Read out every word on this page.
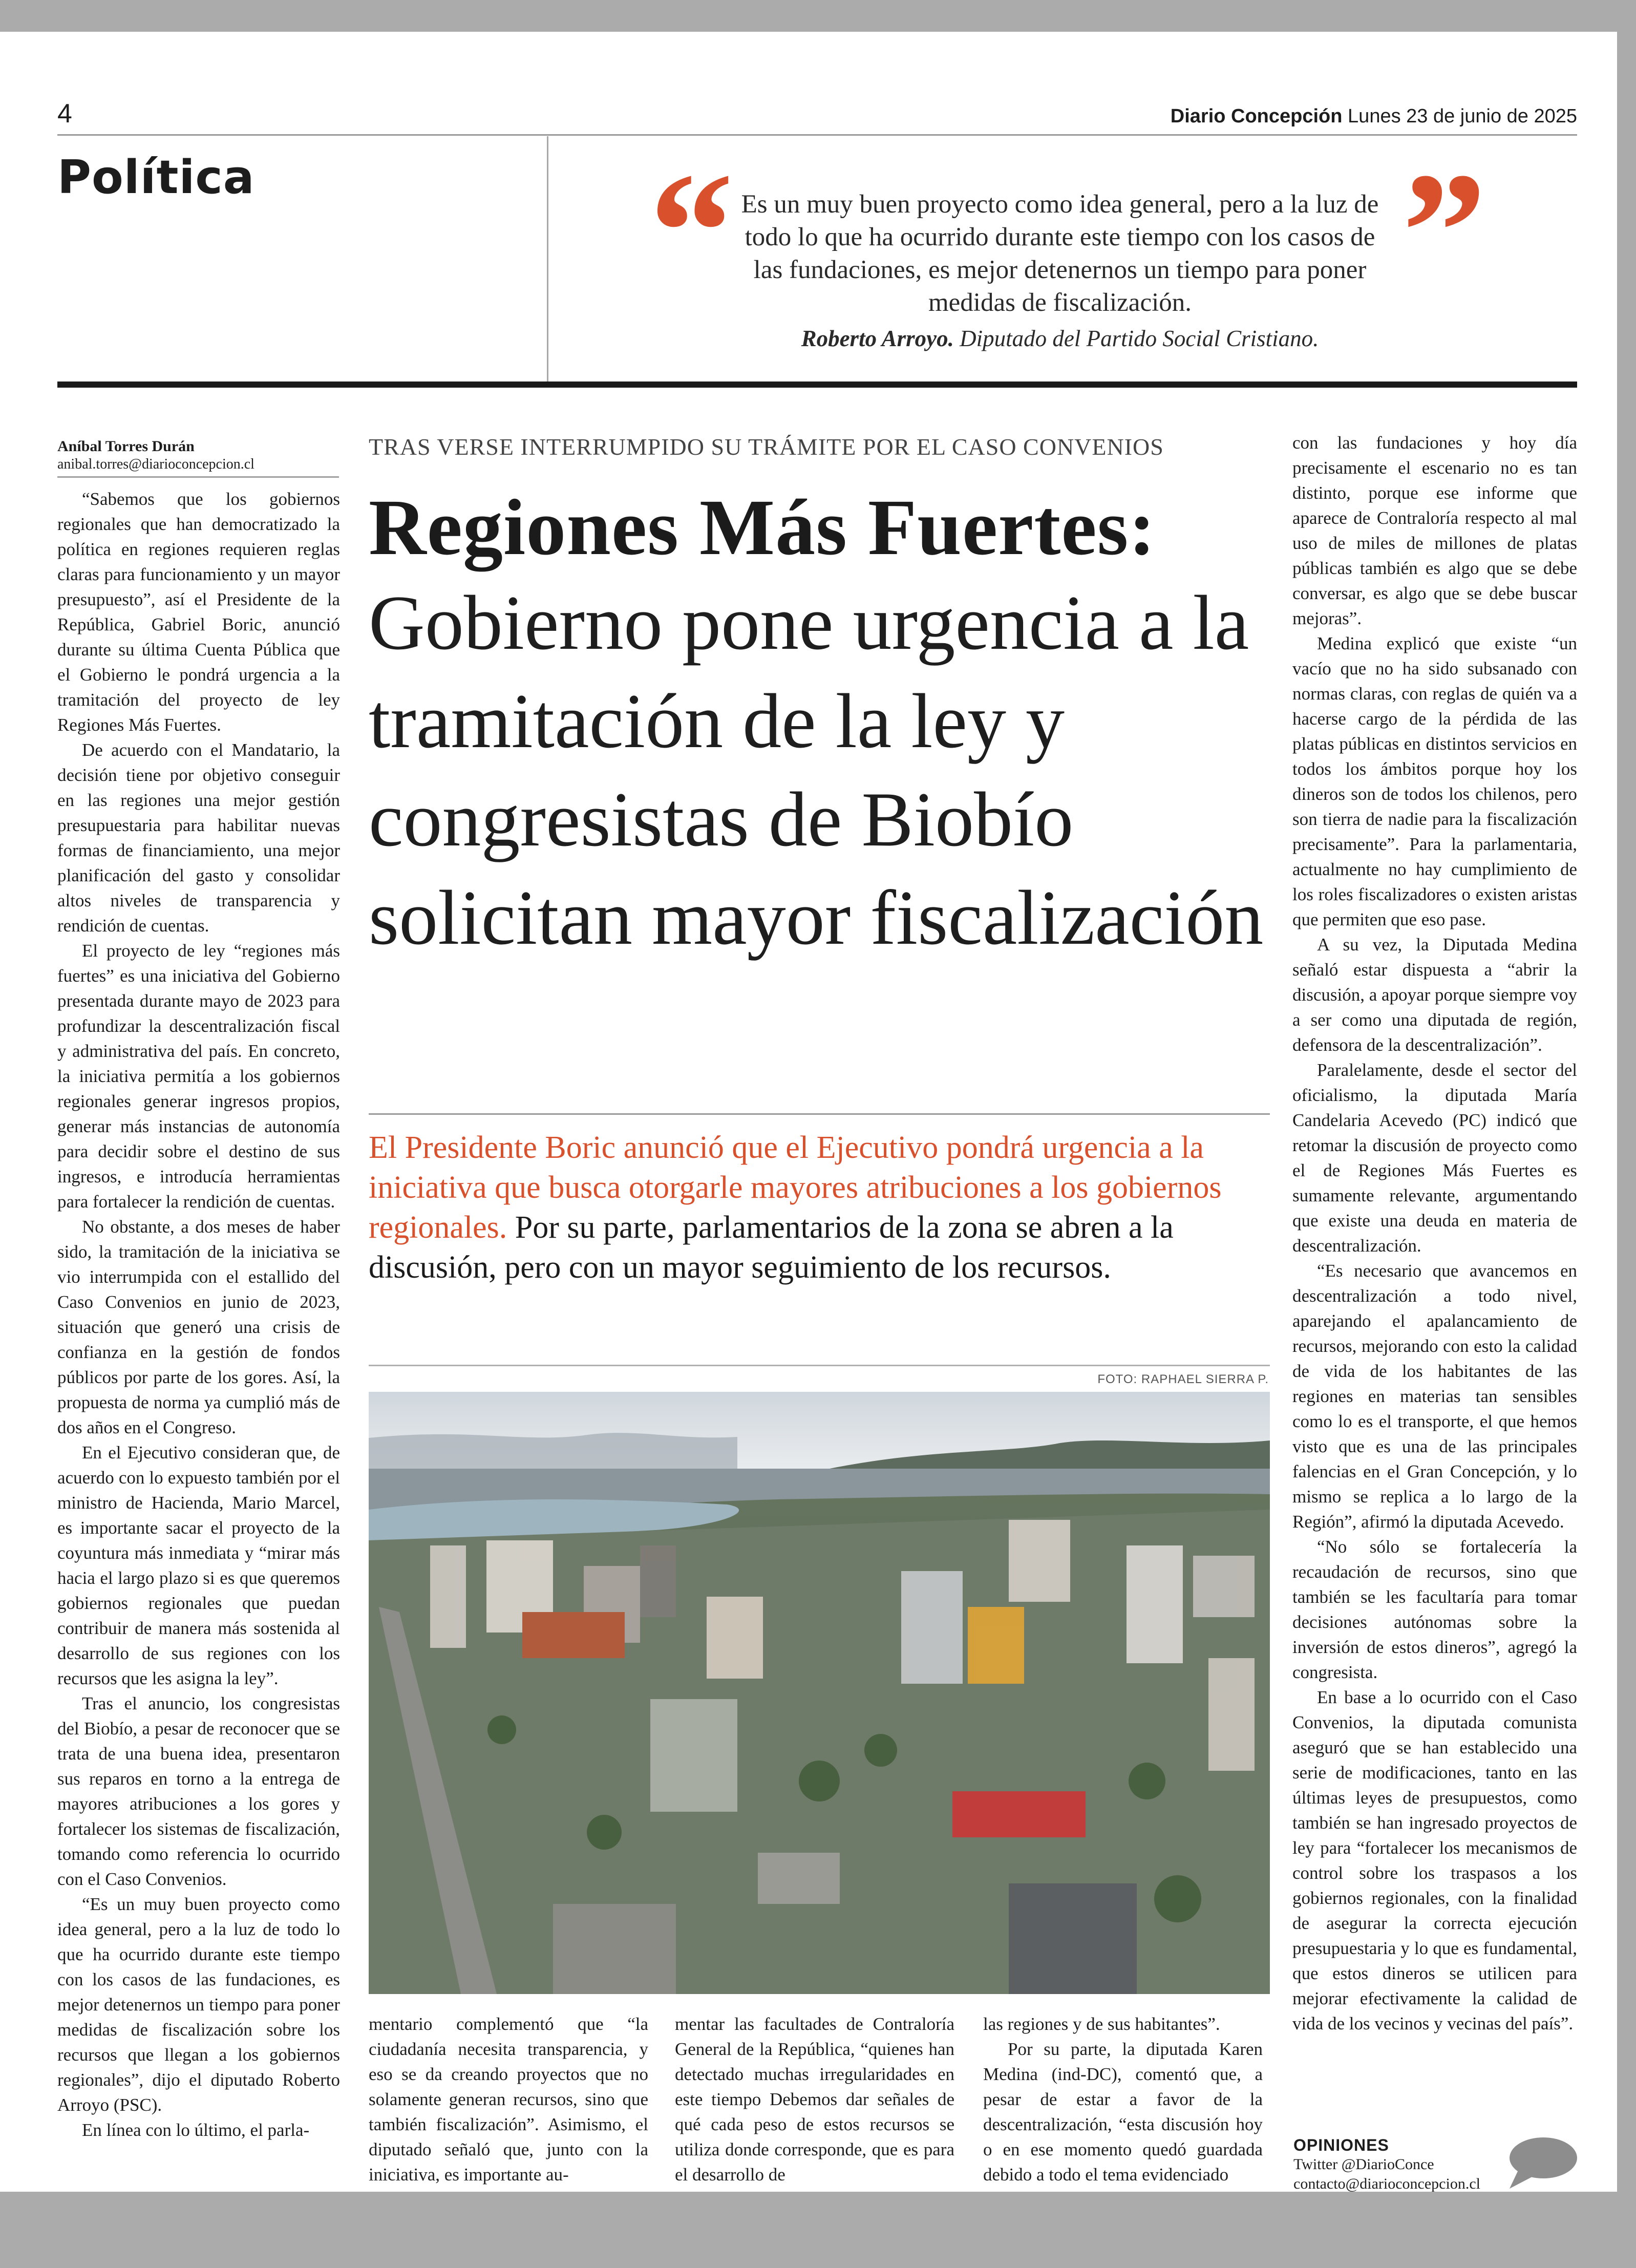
4	Diario Concepción Lunes 23 de junio de 2025
Política “ Es un muy buen proyecto como idea general, pero a la luz de todo lo que ha ocurrido durante este tiempo con los casos de las fundaciones, es mejor detenernos un tiempo para poner medidas de fiscalización.
Roberto Arroyo. Diputado del Partido Social Cristiano.
”
Aníbal Torres Durán
anibal.torres@diarioconcepcion.cl

“Sabemos que los gobiernos regionales que han democratizado la política en regiones requieren reglas claras para funcionamiento y un mayor presupuesto”, así el Presidente de la República, Gabriel Boric, anunció durante su última Cuenta Pública que el Gobierno le pondrá urgencia a la tramitación del proyecto de ley Regiones Más Fuertes.

De acuerdo con el Mandatario, la decisión tiene por objetivo conseguir en las regiones una mejor gestión presupuestaria para habilitar nuevas formas de financiamiento, una mejor planificación del gasto y consolidar altos niveles de transparencia y rendición de cuentas.

El proyecto de ley “regiones más fuertes” es una iniciativa del Gobierno presentada durante mayo de 2023 para profundizar la descentralización fiscal y administrativa del país. En concreto, la iniciativa permitía a los gobiernos regionales generar ingresos propios, generar más instancias de autonomía para decidir sobre el destino de sus ingresos, e introducía herramientas para fortalecer la rendición de cuentas.

No obstante, a dos meses de haber sido, la tramitación de la iniciativa se vio interrumpida con el estallido del Caso Convenios en junio de 2023, situación que generó una crisis de confianza en la gestión de fondos públicos por parte de los gores. Así, la propuesta de norma ya cumplió más de dos años en el Congreso.

En el Ejecutivo consideran que, de acuerdo con lo expuesto también por el ministro de Hacienda, Mario Marcel, es importante sacar el proyecto de la coyuntura más inmediata y “mirar más hacia el largo plazo si es que queremos gobiernos regionales que puedan contribuir de manera más sostenida al desarrollo de sus regiones con los recursos que les asigna la ley”.

Tras el anuncio, los congresistas del Biobío, a pesar de reconocer que se trata de una buena idea, presentaron sus reparos en torno a la entrega de mayores atribuciones a los gores y fortalecer los sistemas de fiscalización, tomando como referencia lo ocurrido con el Caso Convenios.

“Es un muy buen proyecto como idea general, pero a la luz de todo lo que ha ocurrido durante este tiempo con los casos de las fundaciones, es mejor detenernos un tiempo para poner medidas de fiscalización sobre los recursos que llegan a los gobiernos regionales”, dijo el diputado Roberto Arroyo (PSC).

En línea con lo último, el parla-

TRAS VERSE INTERRUMPIDO SU TRÁMITE POR EL CASO CONVENIOS
Regiones Más Fuertes:
Gobierno pone urgencia a la tramitación de la ley y congresistas de Biobío solicitan mayor fiscalización
El Presidente Boric anunció que el Ejecutivo pondrá urgencia a la iniciativa que busca otorgarle mayores atribuciones a los gobiernos regionales. Por su parte, parlamentarios de la zona se abren a la discusión, pero con un mayor seguimiento de los recursos.
FOTO: RAPHAEL SIERRA P.

mentario complementó que “la ciudadanía necesita transparencia, y eso se da creando proyectos que no solamente generan recursos, sino que también fiscalización”. Asimismo, el diputado señaló que, junto con la iniciativa, es importante au-

mentar las facultades de Contraloría General de la República, “quienes han detectado muchas irregularidades en este tiempo Debemos dar señales de qué cada peso de estos recursos se utiliza donde corresponde, que es para el desarrollo de

las regiones y de sus habitantes”.

Por su parte, la diputada Karen Medina (ind-DC), comentó que, a pesar de estar a favor de la descentralización, “esta discusión hoy o en ese momento quedó guardada debido a todo el tema evidenciado

con las fundaciones y hoy día precisamente el escenario no es tan distinto, porque ese informe que aparece de Contraloría respecto al mal uso de miles de millones de platas públicas también es algo que se debe conversar, es algo que se debe buscar mejoras”.

Medina explicó que existe “un vacío que no ha sido subsanado con normas claras, con reglas de quién va a hacerse cargo de la pérdida de las platas públicas en distintos servicios en todos los ámbitos porque hoy los dineros son de todos los chilenos, pero son tierra de nadie para la fiscalización precisamente”. Para la parlamentaria, actualmente no hay cumplimiento de los roles fiscalizadores o existen aristas que permiten que eso pase.

A su vez, la Diputada Medina señaló estar dispuesta a “abrir la discusión, a apoyar porque siempre voy a ser como una diputada de región, defensora de la descentralización”.

Paralelamente, desde el sector del oficialismo, la diputada María Candelaria Acevedo (PC) indicó que retomar la discusión de proyecto como el de Regiones Más Fuertes es sumamente relevante, argumentando que existe una deuda en materia de descentralización.

“Es necesario que avancemos en descentralización a todo nivel, aparejando el apalancamiento de recursos, mejorando con esto la calidad de vida de los habitantes de las regiones en materias tan sensibles como lo es el transporte, el que hemos visto que es una de las principales falencias en el Gran Concepción, y lo mismo se replica a lo largo de la Región”, afirmó la diputada Acevedo.

“No sólo se fortalecería la recaudación de recursos, sino que también se les facultaría para tomar decisiones autónomas sobre la inversión de estos dineros”, agregó la congresista.

En base a lo ocurrido con el Caso Convenios, la diputada comunista aseguró que se han establecido una serie de modificaciones, tanto en las últimas leyes de presupuestos, como también se han ingresado proyectos de ley para “fortalecer los mecanismos de control sobre los traspasos a los gobiernos regionales, con la finalidad de asegurar la correcta ejecución presupuestaria y lo que es fundamental, que estos dineros se utilicen para mejorar efectivamente la calidad de vida de los vecinos y vecinas del país”.

OPINIONES
Twitter @DiarioConce
contacto@diarioconcepcion.cl
